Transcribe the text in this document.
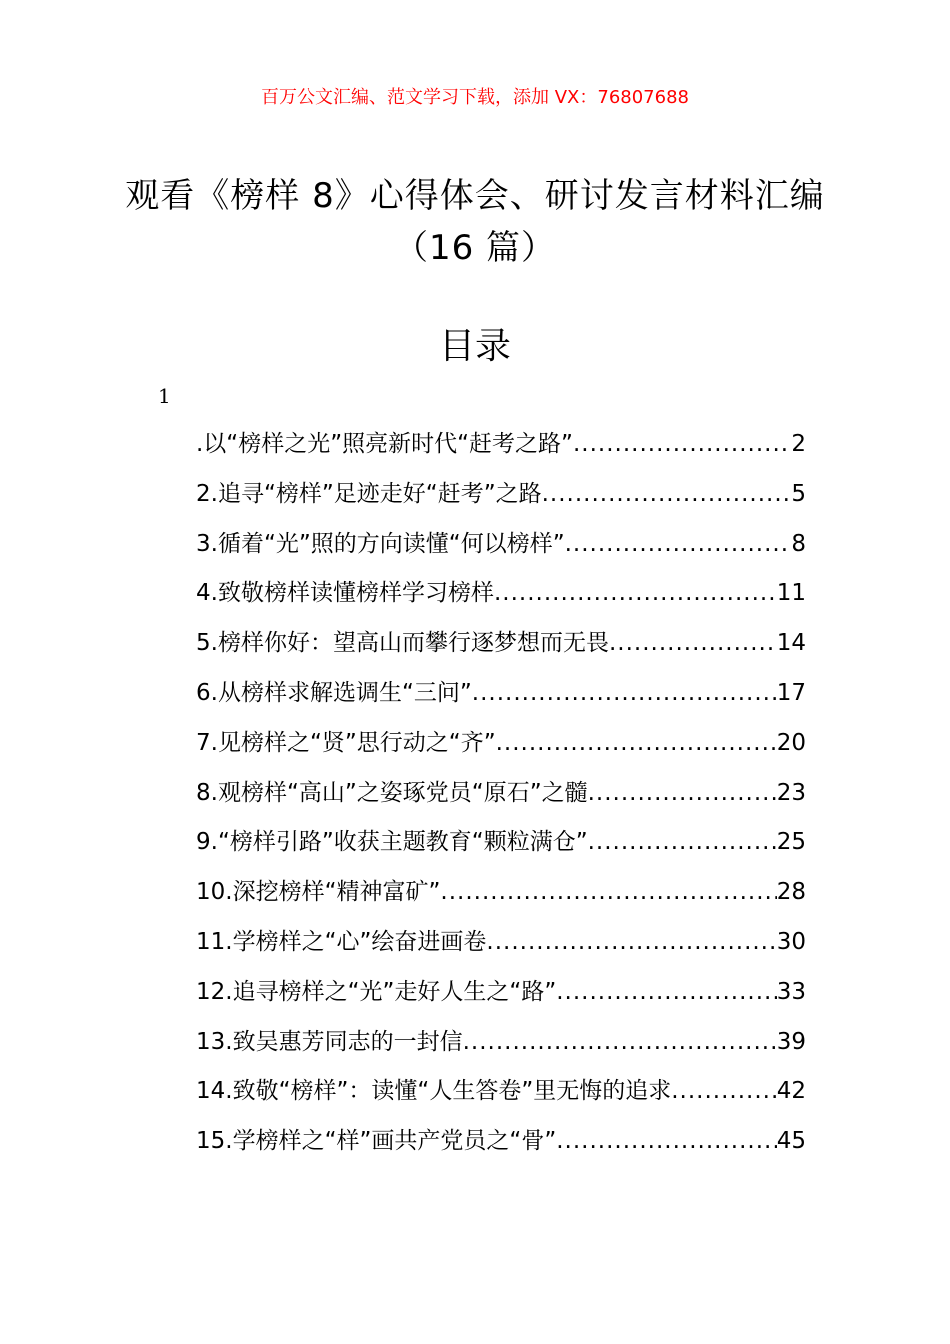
百万公文汇编、范文学习下载，添加 VX：76807688
观看《榜样 8》心得体会、研讨发言材料汇编（16 篇）
目录
1
.以“榜样之光”照亮新时代“赶考之路” .....	2
2.追寻“榜样”足迹走好“赶考”之路 .....	5
3.循着“光”照的方向读懂“何以榜样” .....	8
4.致敬榜样读懂榜样学习榜样 .....	11
5.榜样你好：望高山而攀行逐梦想而无畏 .....	14
6.从榜样求解选调生“三问” .....	17
7.见榜样之“贤”思行动之“齐” .....	20
8.观榜样“高山”之姿琢党员“原石”之髓 .....	23
9.“榜样引路”收获主题教育“颗粒满仓” .....	25
10.深挖榜样“精神富矿” .....	28
11.学榜样之“心”绘奋进画卷 .....	30
12.追寻榜样之“光”走好人生之“路” .....	33
13.致吴惠芳同志的一封信 .....	39
14.致敬“榜样”：读懂“人生答卷”里无悔的追求 .....	42
15.学榜样之“样”画共产党员之“骨” .....	45
